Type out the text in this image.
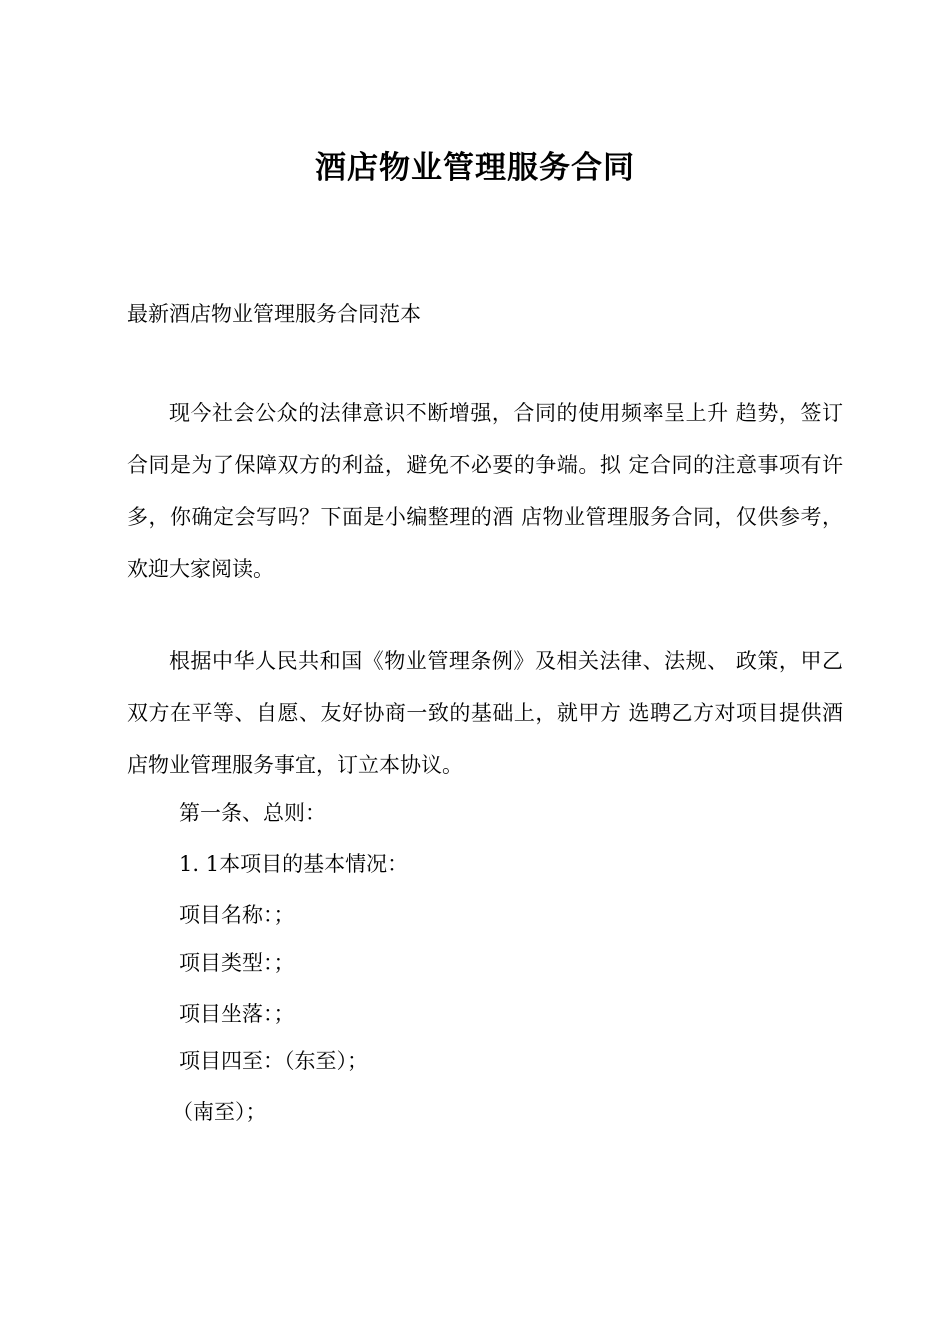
酒店物业管理服务合同

最新酒店物业管理服务合同范本

现今社会公众的法律意识不断增强，合同的使用频率呈上升 趋势，签订合同是为了保障双方的利益，避免不必要的争端。拟 定合同的注意事项有许多，你确定会写吗？下面是小编整理的酒 店物业管理服务合同，仅供参考，欢迎大家阅读。

根据中华人民共和国《物业管理条例》及相关法律、法规、 政策，甲乙双方在平等、自愿、友好协商一致的基础上，就甲方 选聘乙方对项目提供酒店物业管理服务事宜，订立本协议。

第一条、总则：

1. 1本项目的基本情况：

项目名称：；

项目类型：；

项目坐落：；

项目四至：（东至）；

（南至）；
